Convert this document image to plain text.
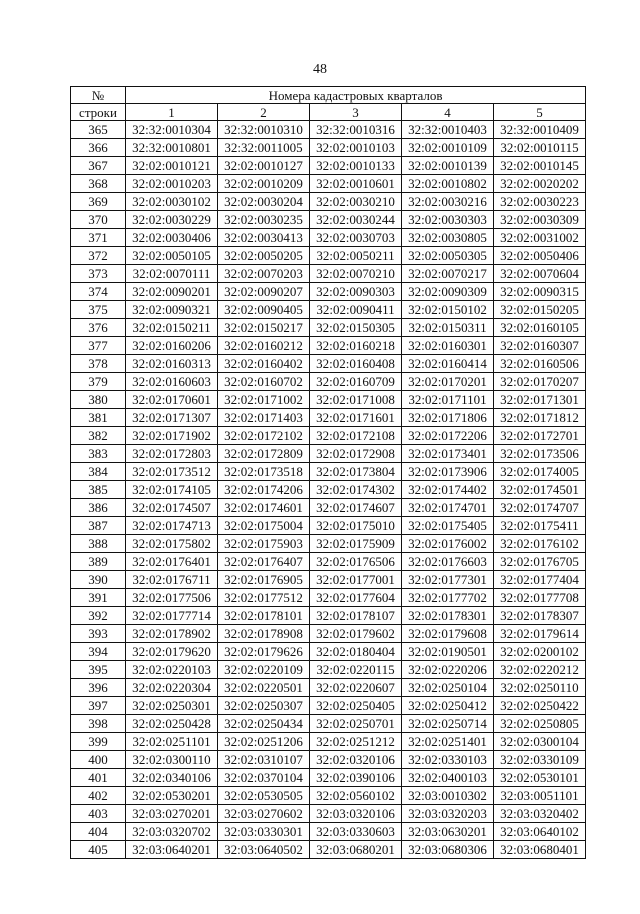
48
№	Номера кадастровых кварталов				
строки	1	2	3	4	5
365	32:32:0010304	32:32:0010310	32:32:0010316	32:32:0010403	32:32:0010409
366	32:32:0010801	32:32:0011005	32:02:0010103	32:02:0010109	32:02:0010115
367	32:02:0010121	32:02:0010127	32:02:0010133	32:02:0010139	32:02:0010145
368	32:02:0010203	32:02:0010209	32:02:0010601	32:02:0010802	32:02:0020202
369	32:02:0030102	32:02:0030204	32:02:0030210	32:02:0030216	32:02:0030223
370	32:02:0030229	32:02:0030235	32:02:0030244	32:02:0030303	32:02:0030309
371	32:02:0030406	32:02:0030413	32:02:0030703	32:02:0030805	32:02:0031002
372	32:02:0050105	32:02:0050205	32:02:0050211	32:02:0050305	32:02:0050406
373	32:02:0070111	32:02:0070203	32:02:0070210	32:02:0070217	32:02:0070604
374	32:02:0090201	32:02:0090207	32:02:0090303	32:02:0090309	32:02:0090315
375	32:02:0090321	32:02:0090405	32:02:0090411	32:02:0150102	32:02:0150205
376	32:02:0150211	32:02:0150217	32:02:0150305	32:02:0150311	32:02:0160105
377	32:02:0160206	32:02:0160212	32:02:0160218	32:02:0160301	32:02:0160307
378	32:02:0160313	32:02:0160402	32:02:0160408	32:02:0160414	32:02:0160506
379	32:02:0160603	32:02:0160702	32:02:0160709	32:02:0170201	32:02:0170207
380	32:02:0170601	32:02:0171002	32:02:0171008	32:02:0171101	32:02:0171301
381	32:02:0171307	32:02:0171403	32:02:0171601	32:02:0171806	32:02:0171812
382	32:02:0171902	32:02:0172102	32:02:0172108	32:02:0172206	32:02:0172701
383	32:02:0172803	32:02:0172809	32:02:0172908	32:02:0173401	32:02:0173506
384	32:02:0173512	32:02:0173518	32:02:0173804	32:02:0173906	32:02:0174005
385	32:02:0174105	32:02:0174206	32:02:0174302	32:02:0174402	32:02:0174501
386	32:02:0174507	32:02:0174601	32:02:0174607	32:02:0174701	32:02:0174707
387	32:02:0174713	32:02:0175004	32:02:0175010	32:02:0175405	32:02:0175411
388	32:02:0175802	32:02:0175903	32:02:0175909	32:02:0176002	32:02:0176102
389	32:02:0176401	32:02:0176407	32:02:0176506	32:02:0176603	32:02:0176705
390	32:02:0176711	32:02:0176905	32:02:0177001	32:02:0177301	32:02:0177404
391	32:02:0177506	32:02:0177512	32:02:0177604	32:02:0177702	32:02:0177708
392	32:02:0177714	32:02:0178101	32:02:0178107	32:02:0178301	32:02:0178307
393	32:02:0178902	32:02:0178908	32:02:0179602	32:02:0179608	32:02:0179614
394	32:02:0179620	32:02:0179626	32:02:0180404	32:02:0190501	32:02:0200102
395	32:02:0220103	32:02:0220109	32:02:0220115	32:02:0220206	32:02:0220212
396	32:02:0220304	32:02:0220501	32:02:0220607	32:02:0250104	32:02:0250110
397	32:02:0250301	32:02:0250307	32:02:0250405	32:02:0250412	32:02:0250422
398	32:02:0250428	32:02:0250434	32:02:0250701	32:02:0250714	32:02:0250805
399	32:02:0251101	32:02:0251206	32:02:0251212	32:02:0251401	32:02:0300104
400	32:02:0300110	32:02:0310107	32:02:0320106	32:02:0330103	32:02:0330109
401	32:02:0340106	32:02:0370104	32:02:0390106	32:02:0400103	32:02:0530101
402	32:02:0530201	32:02:0530505	32:02:0560102	32:03:0010302	32:03:0051101
403	32:03:0270201	32:03:0270602	32:03:0320106	32:03:0320203	32:03:0320402
404	32:03:0320702	32:03:0330301	32:03:0330603	32:03:0630201	32:03:0640102
405	32:03:0640201	32:03:0640502	32:03:0680201	32:03:0680306	32:03:0680401
